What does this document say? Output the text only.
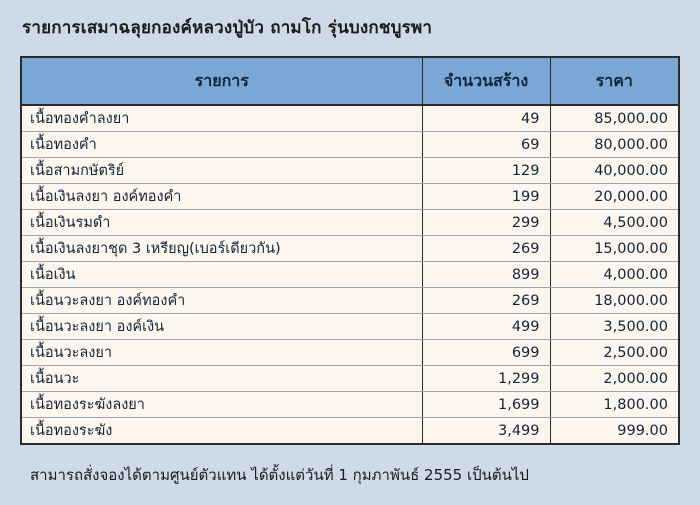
รายการเสมาฉลุยกองค์หลวงปู่บัว ถามโก รุ่นบงกชบูรพา
รายการ	จำนวนสร้าง	ราคา
เนื้อทองคำลงยา	49	85,000.00
เนื้อทองคำ	69	80,000.00
เนื้อสามกษัตริย์	129	40,000.00
เนื้อเงินลงยา องค์ทองคำ	199	20,000.00
เนื้อเงินรมดำ	299	4,500.00
เนื้อเงินลงยาชุด 3 เหรียญ(เบอร์เดียวกัน)	269	15,000.00
เนื้อเงิน	899	4,000.00
เนื้อนวะลงยา องค์ทองคำ	269	18,000.00
เนื้อนวะลงยา องค์เงิน	499	3,500.00
เนื้อนวะลงยา	699	2,500.00
เนื้อนวะ	1,299	2,000.00
เนื้อทองระฆังลงยา	1,699	1,800.00
เนื้อทองระฆัง	3,499	999.00
สามารถสั่งจองได้ตามศูนย์ตัวแทน ได้ตั้งแต่วันที่ 1 กุมภาพันธ์ 2555 เป็นต้นไป
